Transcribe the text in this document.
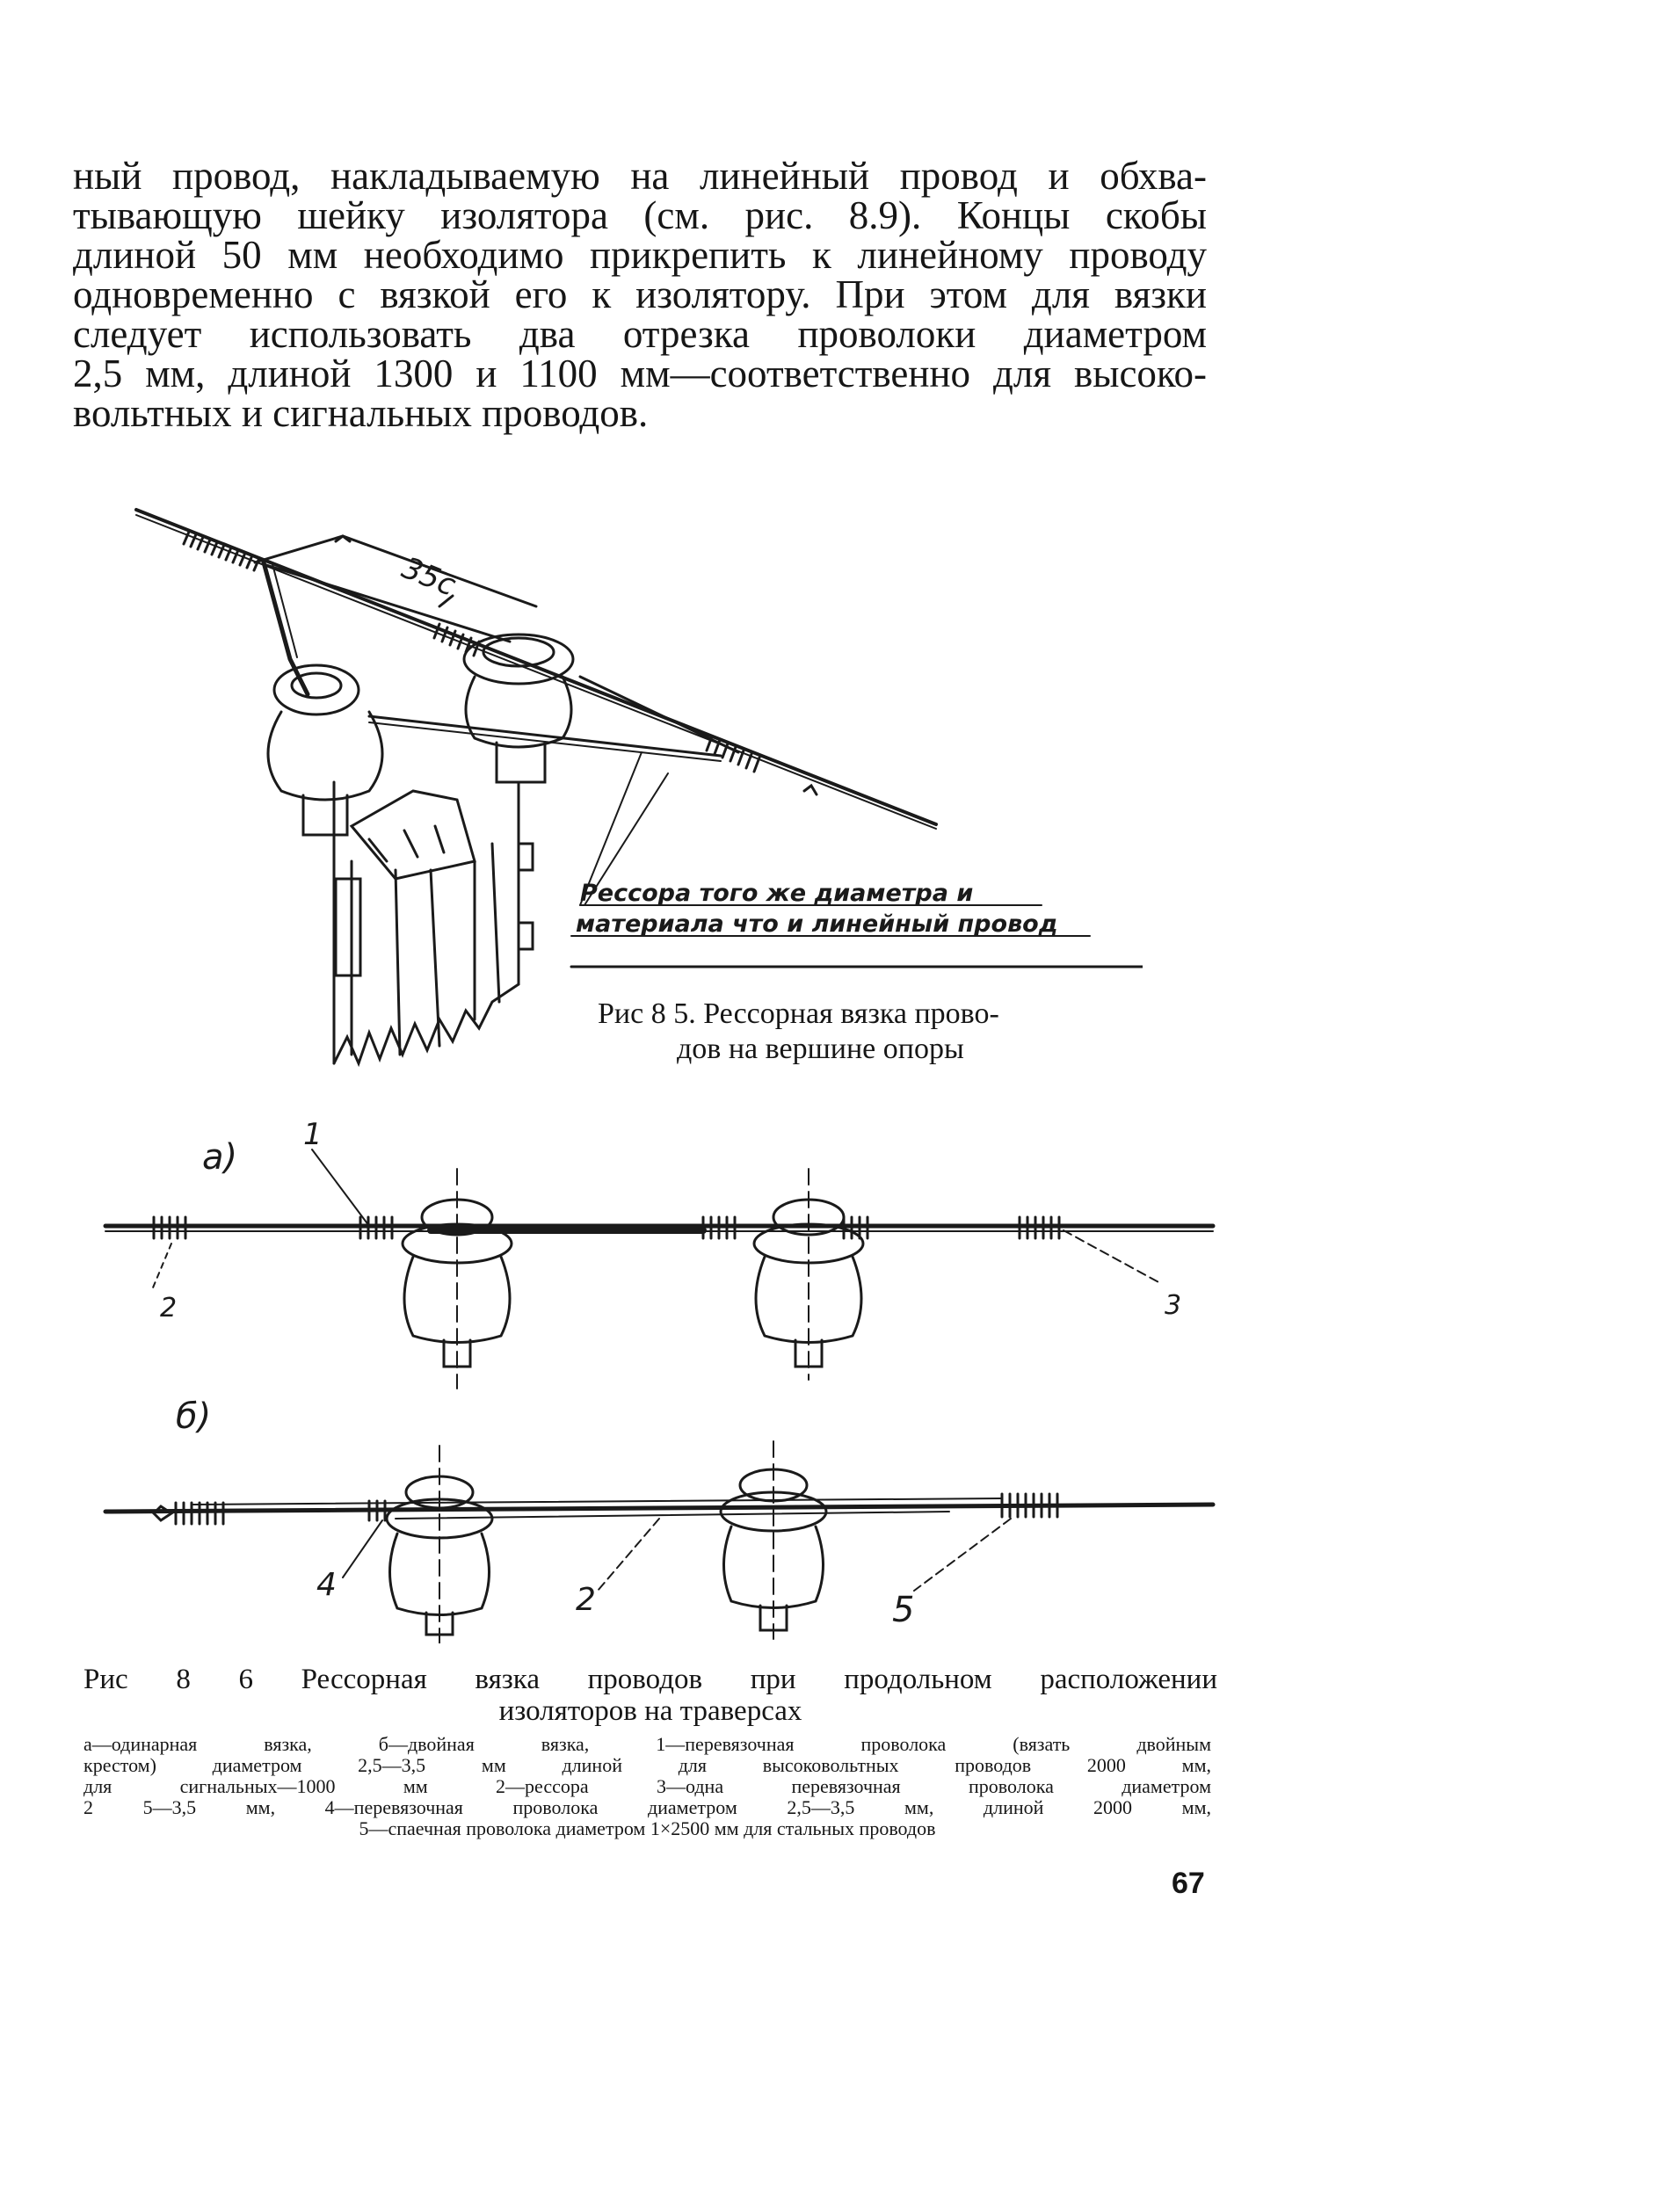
ный провод, накладываемую на линейный провод и обхва-
тывающую шейку изолятора (см. рис. 8.9). Концы скобы
длиной 50 мм необходимо прикрепить к линейному проводу
одновременно с вязкой его к изолятору. При этом для вязки
следует использовать два отрезка проволоки диаметром
2,5 мм, длиной 1300 и 1100 мм—соответственно для высоко-
вольтных и сигнальных проводов.
35с
Рессора того же диаметра и
материала что и линейный провод
Рис 8 5. Рессорная вязка прово-
дов на вершине опоры
а)
1
2	3
б)
4	2	5
Рис 8 6 Рессорная вязка проводов при продольном расположении
изоляторов на траверсах
а—одинарная вязка, б—двойная вязка, 1—перевязочная проволока (вязать двойным
крестом) диаметром 2,5—3,5 мм длиной для высоковольтных проводов 2000 мм,
для сигнальных—1000 мм 2—рессора 3—одна перевязочная проволока диаметром
2 5—3,5 мм, 4—перевязочная проволока диаметром 2,5—3,5 мм, длиной 2000 мм,
5—спаечная проволока диаметром 1×2500 мм для стальных проводов
67
